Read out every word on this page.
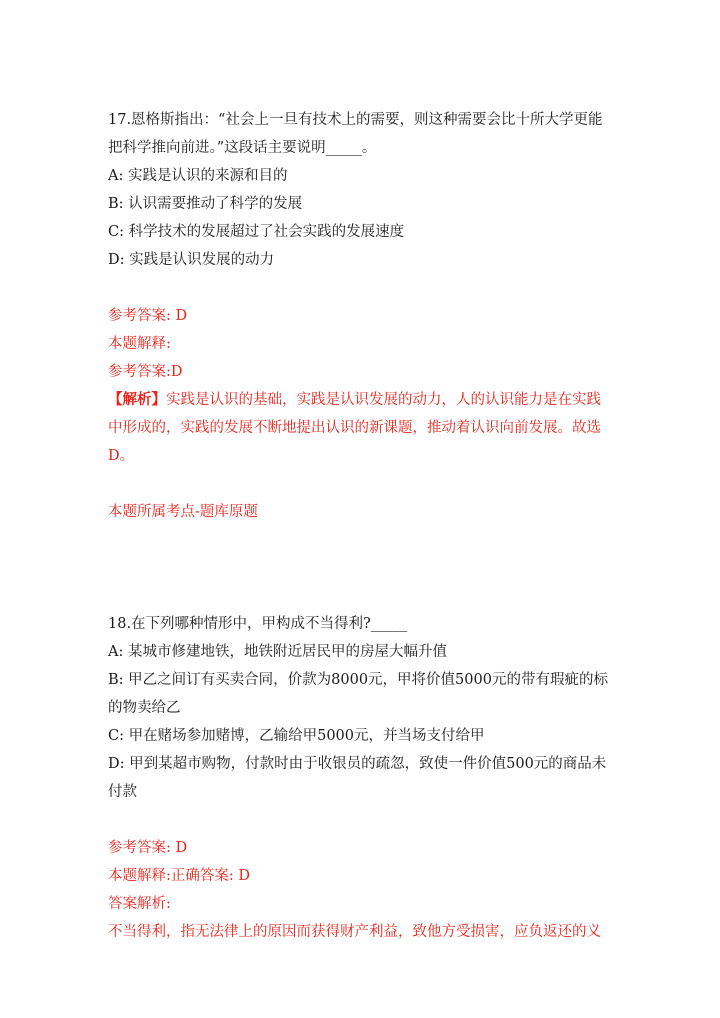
17.恩格斯指出：“社会上一旦有技术上的需要，则这种需要会比十所大学更能
把科学推向前进。”这段话主要说明_____。
A: 实践是认识的来源和目的
B: 认识需要推动了科学的发展
C: 科学技术的发展超过了社会实践的发展速度
D: 实践是认识发展的动力
参考答案: D
本题解释:
参考答案:D
【解析】实践是认识的基础，实践是认识发展的动力，人的认识能力是在实践
中形成的，实践的发展不断地提出认识的新课题，推动着认识向前发展。故选
D。
本题所属考点-题库原题
18.在下列哪种情形中，甲构成不当得利?_____
A: 某城市修建地铁，地铁附近居民甲的房屋大幅升值
B: 甲乙之间订有买卖合同，价款为8000元，甲将价值5000元的带有瑕疵的标
的物卖给乙
C: 甲在赌场参加赌博，乙输给甲5000元，并当场支付给甲
D: 甲到某超市购物，付款时由于收银员的疏忽，致使一件价值500元的商品未
付款
参考答案: D
本题解释:正确答案: D
答案解析:
不当得利，指无法律上的原因而获得财产利益，致他方受损害，应负返还的义
